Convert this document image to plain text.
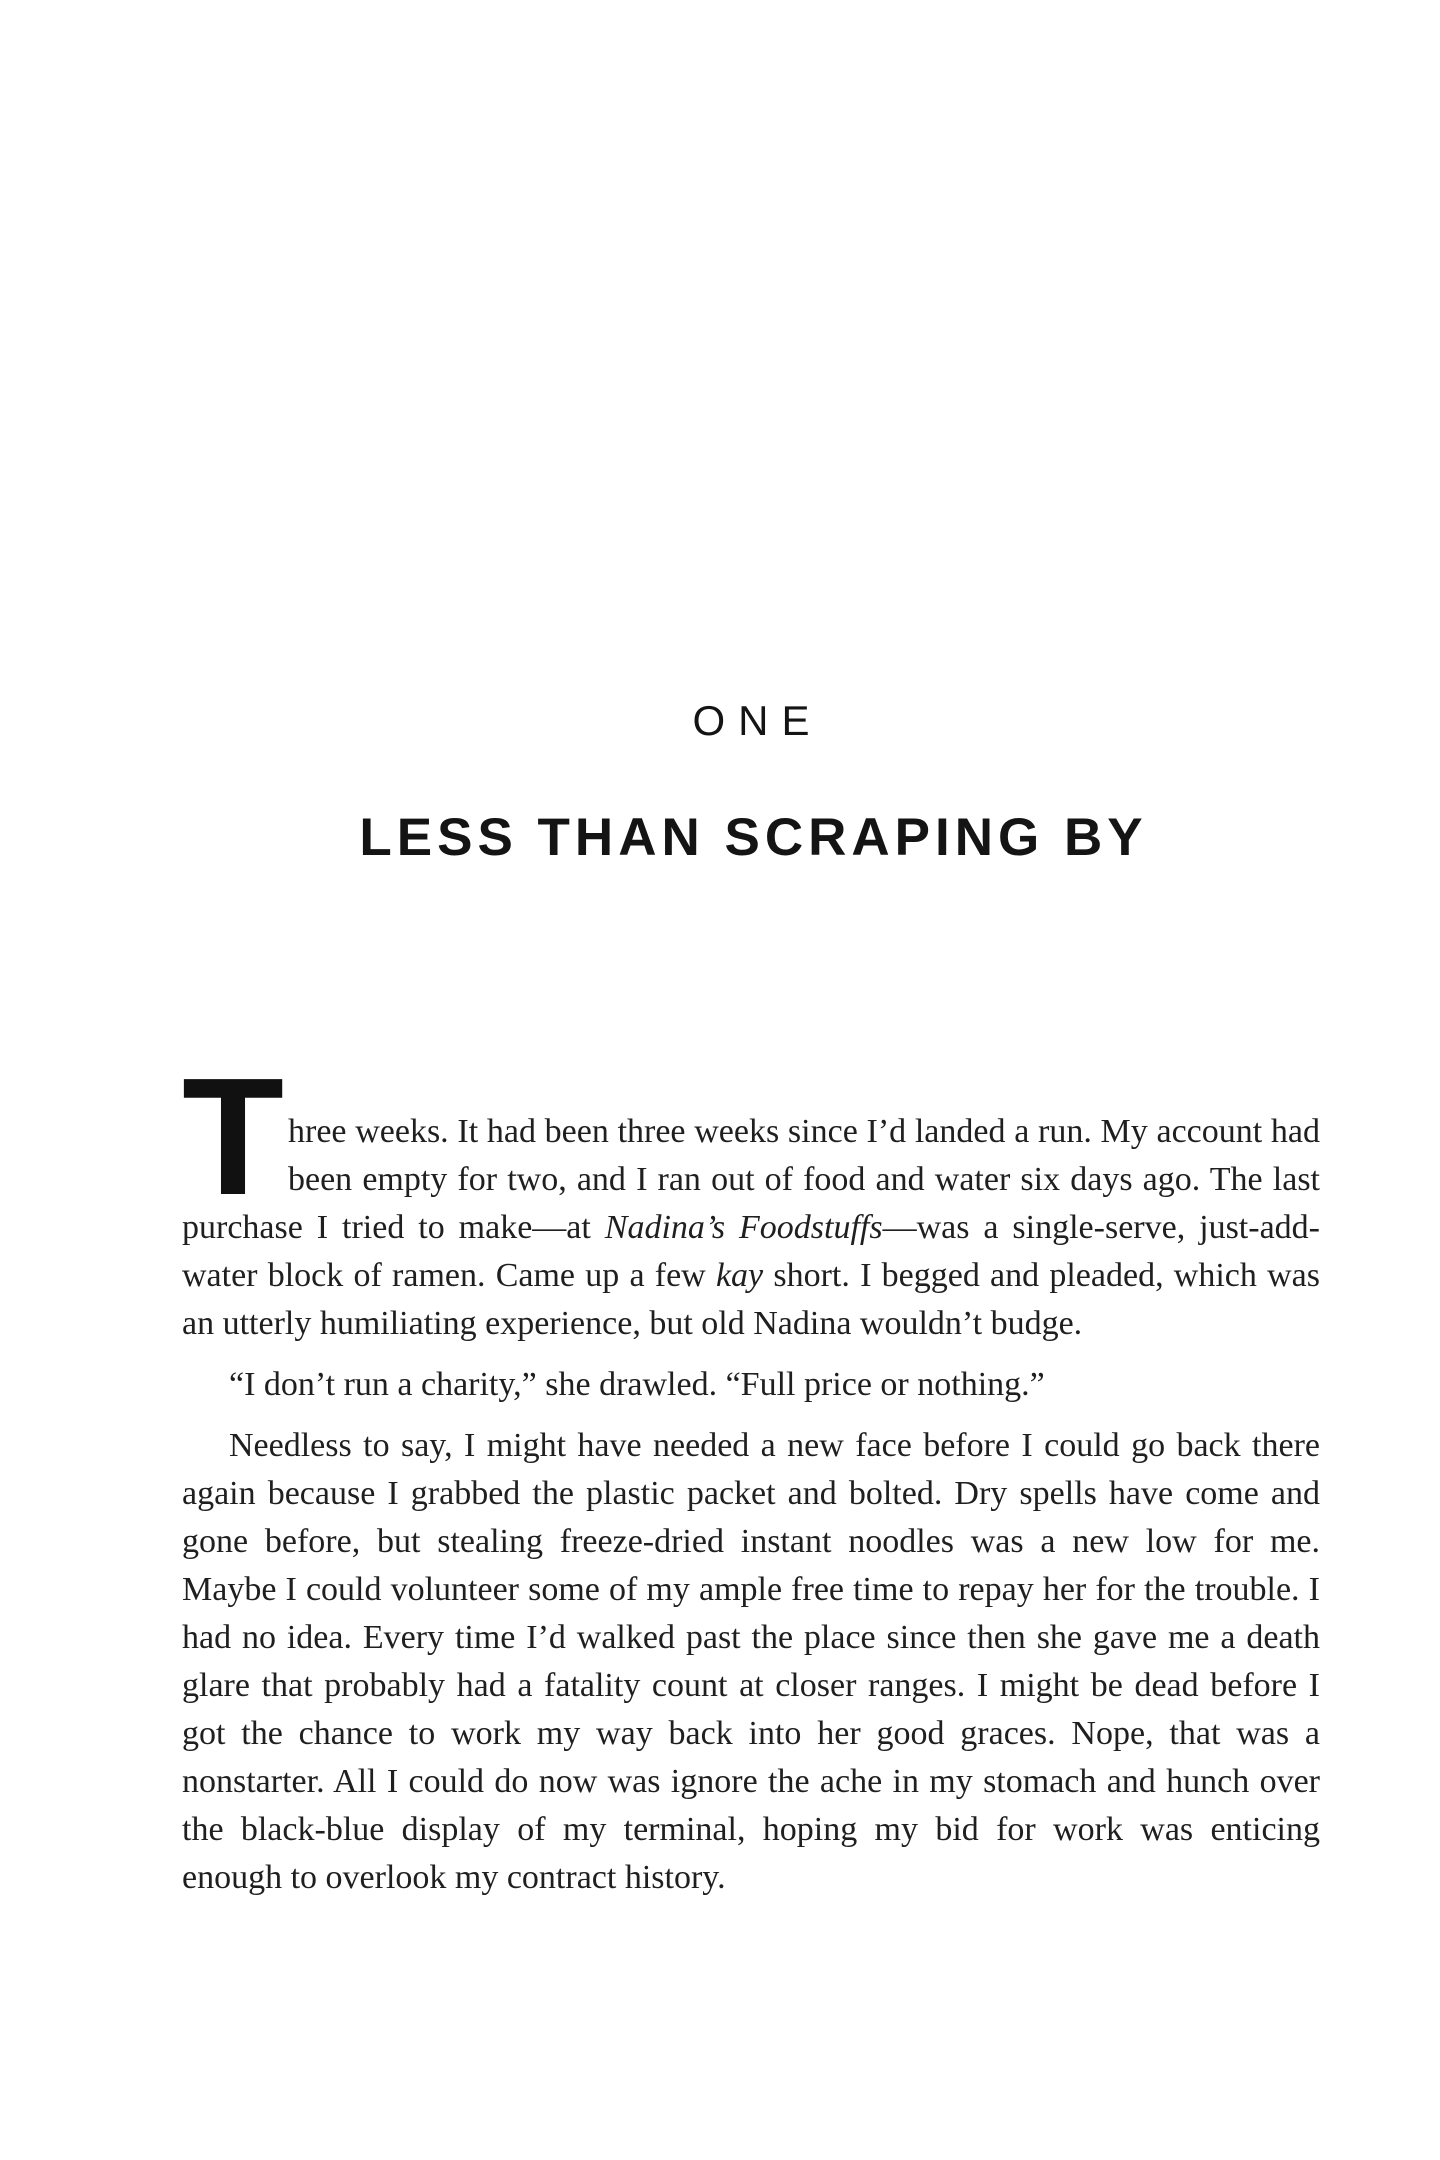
ONE
LESS THAN SCRAPING BY

T hree weeks. It had been three weeks since I’d landed a run. My account had been empty for two, and I ran out of food and water six days ago. The last purchase I tried to make—at Nadina’s Foodstuffs—was a single-serve, just-add-water block of ramen. Came up a few kay short. I begged and pleaded, which was an utterly humiliating experience, but old Nadina wouldn’t budge.

“I don’t run a charity,” she drawled. “Full price or nothing.”

Needless to say, I might have needed a new face before I could go back there again because I grabbed the plastic packet and bolted. Dry spells have come and gone before, but stealing freeze-dried instant noodles was a new low for me. Maybe I could volunteer some of my ample free time to repay her for the trouble. I had no idea. Every time I’d walked past the place since then she gave me a death glare that probably had a fatality count at closer ranges. I might be dead before I got the chance to work my way back into her good graces. Nope, that was a nonstarter. All I could do now was ignore the ache in my stomach and hunch over the black-blue display of my terminal, hoping my bid for work was enticing enough to overlook my contract history.
